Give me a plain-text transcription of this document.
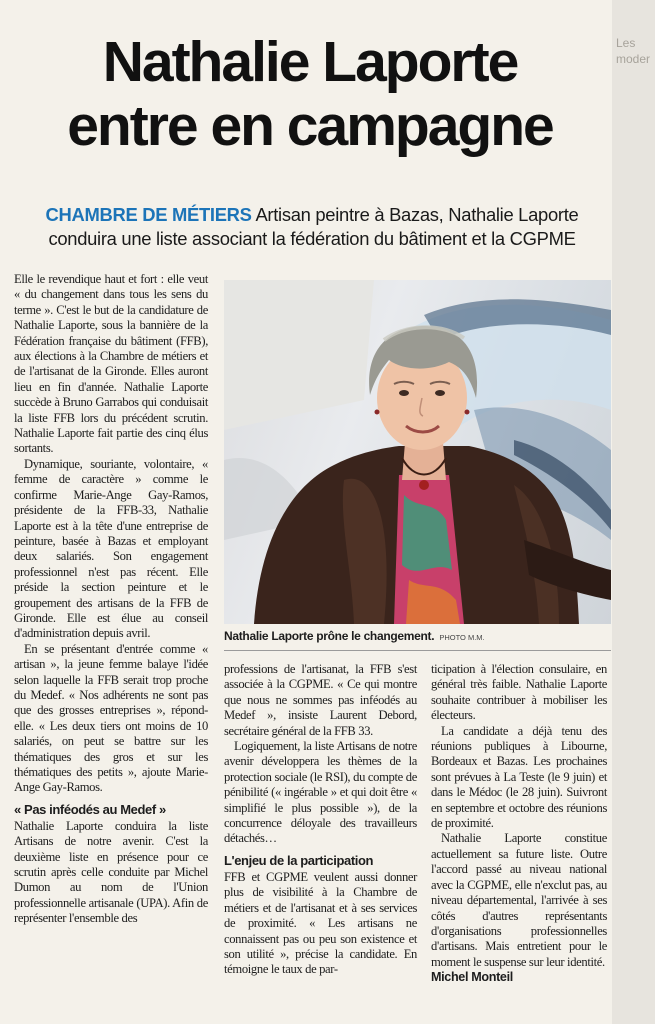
Les
moder
Nathalie Laporte
entre en campagne
CHAMBRE DE MÉTIERS Artisan peintre à Bazas, Nathalie Laporte
conduira une liste associant la fédération du bâtiment et la CGPME

Elle le revendique haut et fort : elle veut « du changement dans tous les sens du terme ». C'est le but de la candidature de Nathalie Laporte, sous la bannière de la Fédération française du bâtiment (FFB), aux élections à la Chambre de métiers et de l'artisanat de la Gironde. Elles auront lieu en fin d'année. Nathalie Laporte succède à Bruno Garrabos qui conduisait la liste FFB lors du précédent scrutin. Nathalie Laporte fait partie des cinq élus sortants.

Dynamique, souriante, volontaire, « femme de caractère » comme le confirme Marie-Ange Gay-Ramos, présidente de la FFB-33, Nathalie Laporte est à la tête d'une entreprise de peinture, basée à Bazas et employant deux salariés. Son engagement professionnel n'est pas récent. Elle préside la section peinture et le groupement des artisans de la FFB de Gironde. Elle est élue au conseil d'administration depuis avril.

En se présentant d'entrée comme « artisan », la jeune femme balaye l'idée selon laquelle la FFB serait trop proche du Medef. « Nos adhérents ne sont pas que des grosses entreprises », répond-elle. « Les deux tiers ont moins de 10 salariés, on peut se battre sur les thématiques des gros et sur les thématiques des petits », ajoute Marie-Ange Gay-Ramos.

« Pas inféodés au Medef »

Nathalie Laporte conduira la liste Artisans de notre avenir. C'est la deuxième liste en présence pour ce scrutin après celle conduite par Michel Dumon au nom de l'Union professionnelle artisanale (UPA). Afin de représenter l'ensemble des

Nathalie Laporte prône le changement. PHOTO M.M.

professions de l'artisanat, la FFB s'est associée à la CGPME. « Ce qui montre que nous ne sommes pas inféodés au Medef », insiste Laurent Debord, secrétaire général de la FFB 33.

Logiquement, la liste Artisans de notre avenir développera les thèmes de la protection sociale (le RSI), du compte de pénibilité (« ingérable » et qui doit être « simplifié le plus possible »), de la concurrence déloyale des travailleurs détachés…

L'enjeu de la participation

FFB et CGPME veulent aussi donner plus de visibilité à la Chambre de métiers et de l'artisanat et à ses services de proximité. « Les artisans ne connaissent pas ou peu son existence et son utilité », précise la candidate. En témoigne le taux de par-

ticipation à l'élection consulaire, en général très faible. Nathalie Laporte souhaite contribuer à mobiliser les électeurs.

La candidate a déjà tenu des réunions publiques à Libourne, Bordeaux et Bazas. Les prochaines sont prévues à La Teste (le 9 juin) et dans le Médoc (le 28 juin). Suivront en septembre et octobre des réunions de proximité.

Nathalie Laporte constitue actuellement sa future liste. Outre l'accord passé au niveau national avec la CGPME, elle n'exclut pas, au niveau départemental, l'arrivée à ses côtés d'autres représentants d'organisations professionnelles d'artisans. Mais entretient pour le moment le suspense sur leur identité.

Michel Monteil
